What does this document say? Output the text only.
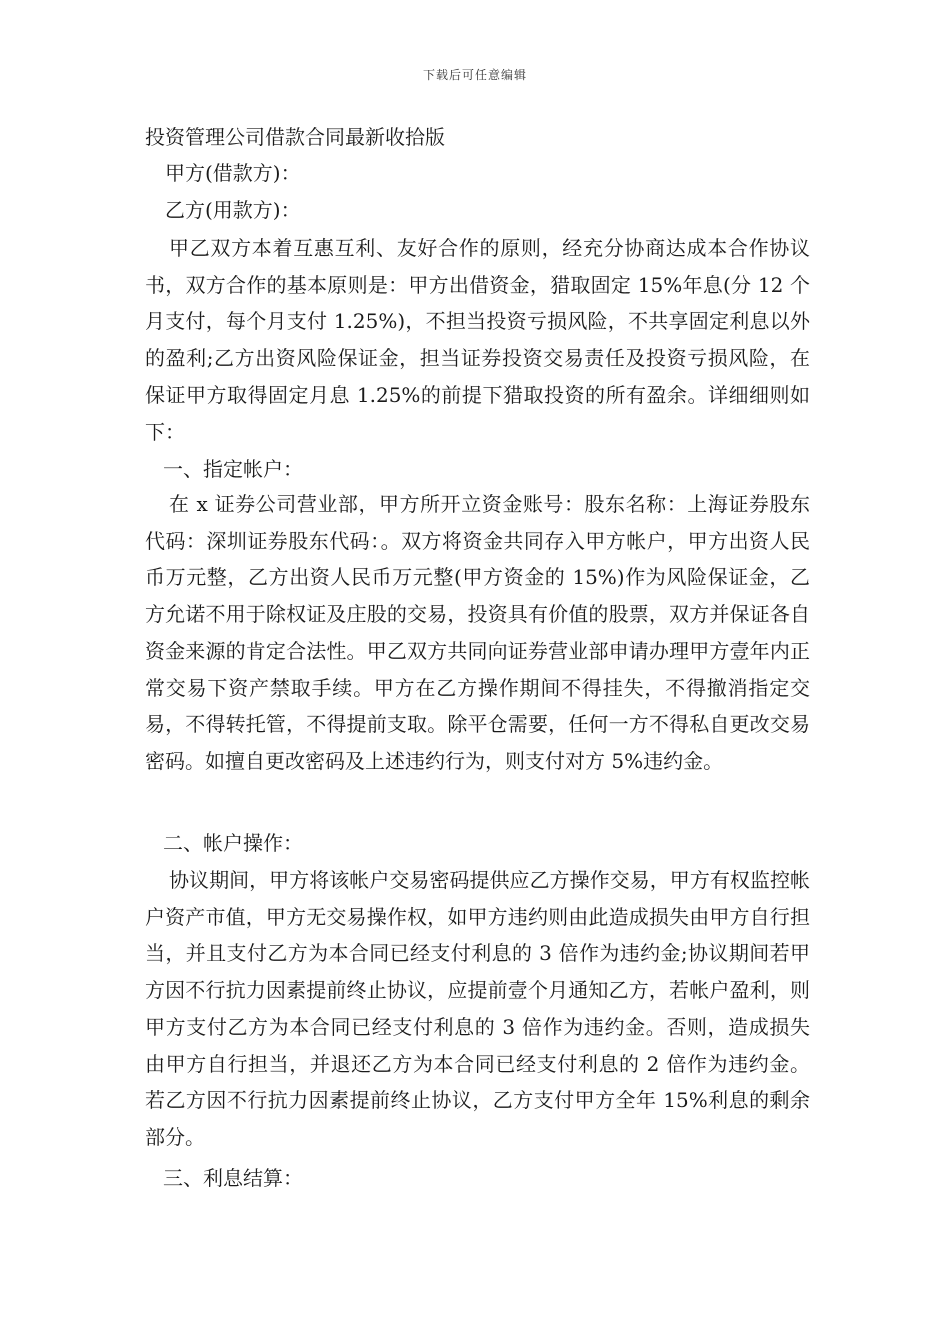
下载后可任意编辑
投资管理公司借款合同最新收拾版
甲方(借款方)：
乙方(用款方)：
甲乙双方本着互惠互利、友好合作的原则，经充分协商达成本合作协议书，双方合作的基本原则是：甲方出借资金，猎取固定 15%年息(分 12 个月支付，每个月支付 1.25%)，不担当投资亏损风险，不共享固定利息以外的盈利;乙方出资风险保证金，担当证券投资交易责任及投资亏损风险，在保证甲方取得固定月息 1.25%的前提下猎取投资的所有盈余。详细细则如下：
一、指定帐户：
在 x 证券公司营业部，甲方所开立资金账号：股东名称：上海证券股东代码：深圳证券股东代码：。双方将资金共同存入甲方帐户，甲方出资人民币万元整，乙方出资人民币万元整(甲方资金的 15%)作为风险保证金，乙方允诺不用于除权证及庄股的交易，投资具有价值的股票，双方并保证各自资金来源的肯定合法性。甲乙双方共同向证券营业部申请办理甲方壹年内正常交易下资产禁取手续。甲方在乙方操作期间不得挂失，不得撤消指定交易，不得转托管，不得提前支取。除平仓需要，任何一方不得私自更改交易密码。如擅自更改密码及上述违约行为，则支付对方 5%违约金。
二、帐户操作：
协议期间，甲方将该帐户交易密码提供应乙方操作交易，甲方有权监控帐户资产市值，甲方无交易操作权，如甲方违约则由此造成损失由甲方自行担当，并且支付乙方为本合同已经支付利息的 3 倍作为违约金;协议期间若甲方因不行抗力因素提前终止协议，应提前壹个月通知乙方，若帐户盈利，则甲方支付乙方为本合同已经支付利息的 3 倍作为违约金。否则，造成损失由甲方自行担当，并退还乙方为本合同已经支付利息的 2 倍作为违约金。若乙方因不行抗力因素提前终止协议，乙方支付甲方全年 15%利息的剩余部分。
三、利息结算：
